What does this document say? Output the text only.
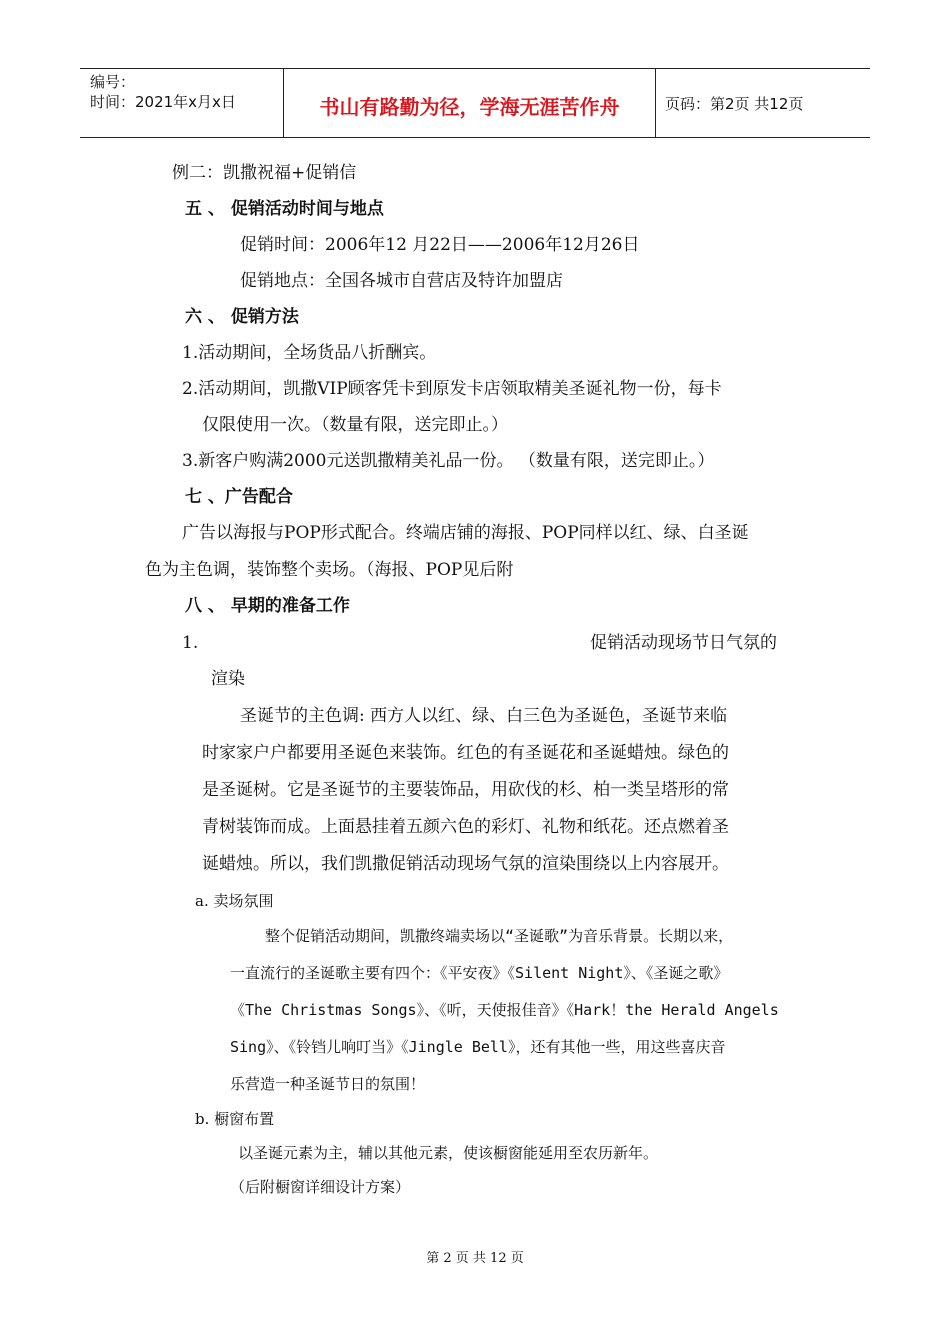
编号：
时间：2021年x月x日	书山有路勤为径，学海无涯苦作舟	页码：第2页 共12页
例二：凯撒祝福+促销信
五 、 促销活动时间与地点
促销时间：2006年12 月22日——2006年12月26日
促销地点：全国各城市自营店及特许加盟店
六 、 促销方法
1.活动期间，全场货品八折酬宾。
2.活动期间，凯撒VIP顾客凭卡到原发卡店领取精美圣诞礼物一份，每卡
仅限使用一次。（数量有限，送完即止。）
3.新客户购满2000元送凯撒精美礼品一份。 （数量有限，送完即止。）
七 、广告配合
广告以海报与POP形式配合。终端店铺的海报、POP同样以红、绿、白圣诞
色为主色调，装饰整个卖场。（海报、POP见后附
八 、 早期的准备工作
1.	促销活动现场节日气氛的
渲染
圣诞节的主色调: 西方人以红、绿、白三色为圣诞色，圣诞节来临
时家家户户都要用圣诞色来装饰。红色的有圣诞花和圣诞蜡烛。绿色的
是圣诞树。它是圣诞节的主要装饰品，用砍伐的杉、柏一类呈塔形的常
青树装饰而成。上面悬挂着五颜六色的彩灯、礼物和纸花。还点燃着圣
诞蜡烛。所以，我们凯撒促销活动现场气氛的渲染围绕以上内容展开。
a. 卖场氛围
整个促销活动期间，凯撒终端卖场以“圣诞歌”为音乐背景。长期以来，
一直流行的圣诞歌主要有四个：《平安夜》《Silent Night》、《圣诞之歌》
《The Christmas Songs》、《听，天使报佳音》《Hark！the Herald Angels
Sing》、《铃铛儿响叮当》《Jingle Bell》，还有其他一些，用这些喜庆音
乐营造一种圣诞节日的氛围！
b. 橱窗布置
以圣诞元素为主，辅以其他元素，使该橱窗能延用至农历新年。
（后附橱窗详细设计方案）
第 2 页 共 12 页
